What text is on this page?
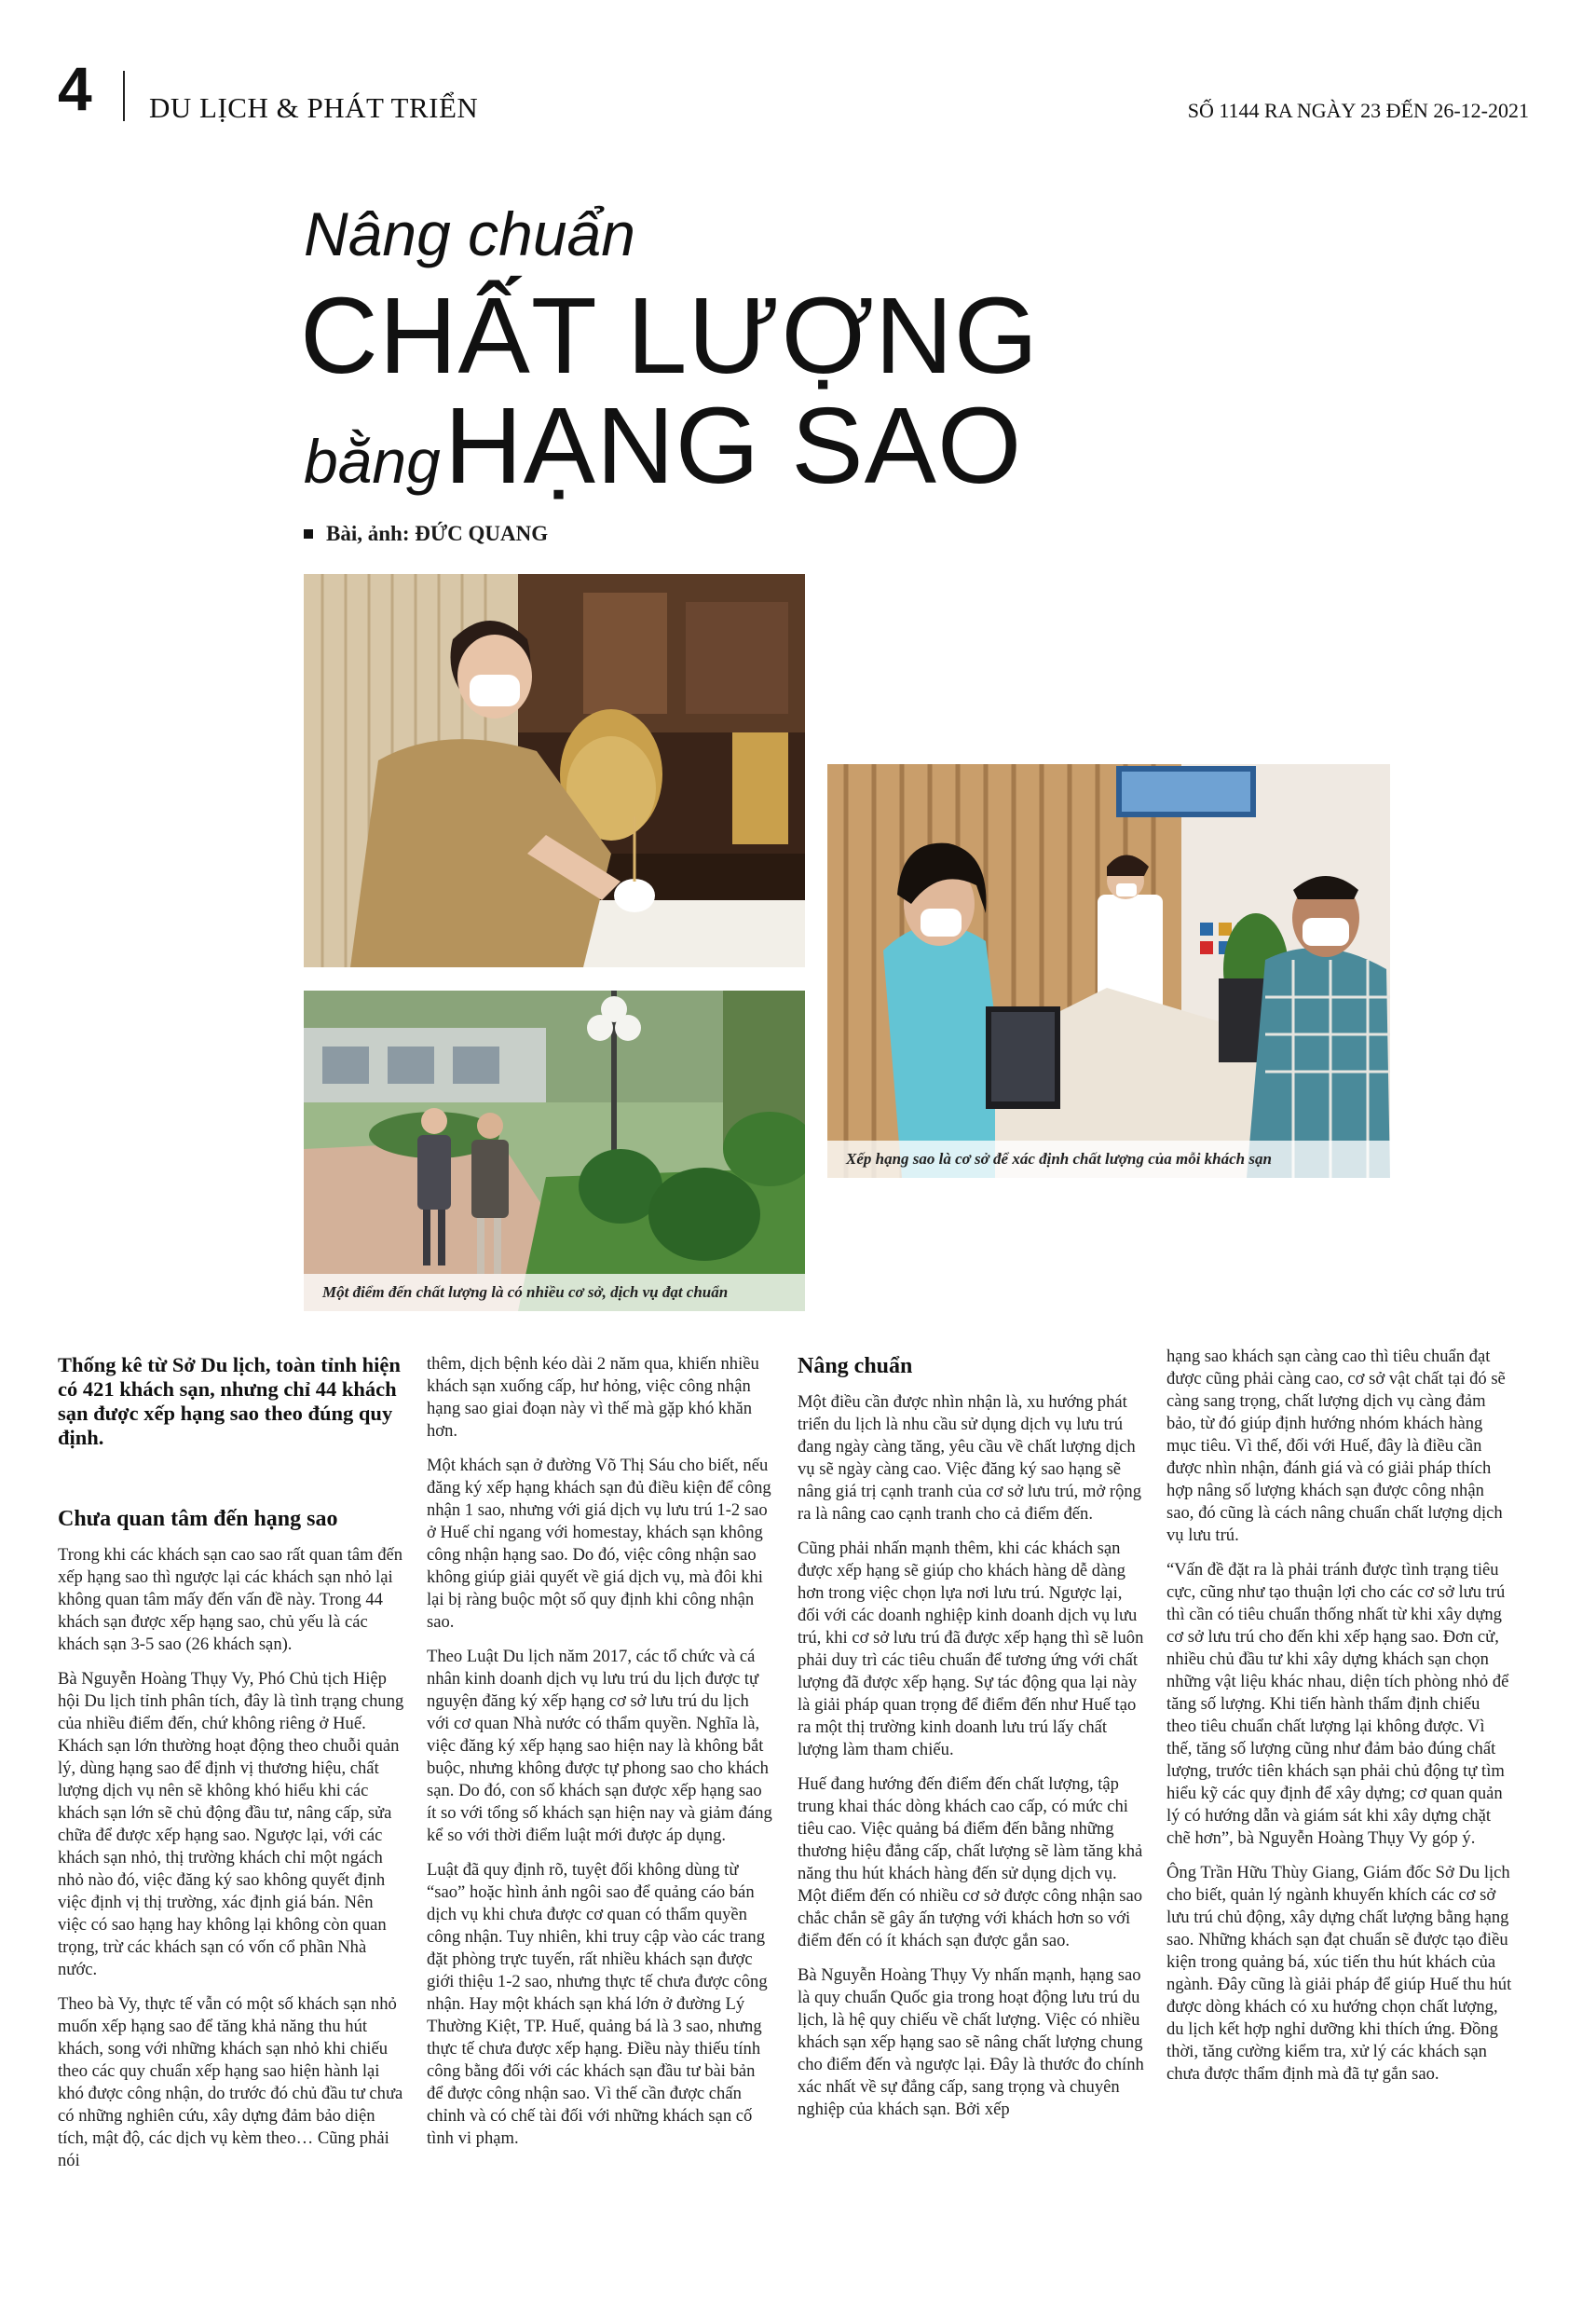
4 DU LỊCH & PHÁT TRIỂN	SỐ 1144 RA NGÀY 23 ĐẾN 26-12-2021
Nâng chuẩn
CHẤT LƯỢNG
bằng HẠNG SAO
Bài, ảnh: ĐỨC QUANG
Một điểm đến chất lượng là có nhiều cơ sở, dịch vụ đạt chuẩn
Xếp hạng sao là cơ sở để xác định chất lượng của mỗi khách sạn

Thống kê từ Sở Du lịch, toàn tỉnh hiện có 421 khách sạn, nhưng chỉ 44 khách sạn được xếp hạng sao theo đúng quy định.

Chưa quan tâm đến hạng sao

Trong khi các khách sạn cao sao rất quan tâm đến xếp hạng sao thì ngược lại các khách sạn nhỏ lại không quan tâm mấy đến vấn đề này. Trong 44 khách sạn được xếp hạng sao, chủ yếu là các khách sạn 3-5 sao (26 khách sạn).

Bà Nguyễn Hoàng Thụy Vy, Phó Chủ tịch Hiệp hội Du lịch tỉnh phân tích, đây là tình trạng chung của nhiều điểm đến, chứ không riêng ở Huế. Khách sạn lớn thường hoạt động theo chuỗi quản lý, dùng hạng sao để định vị thương hiệu, chất lượng dịch vụ nên sẽ không khó hiểu khi các khách sạn lớn sẽ chủ động đầu tư, nâng cấp, sửa chữa để được xếp hạng sao. Ngược lại, với các khách sạn nhỏ, thị trường khách chỉ một ngách nhỏ nào đó, việc đăng ký sao không quyết định việc định vị thị trường, xác định giá bán. Nên việc có sao hạng hay không lại không còn quan trọng, trừ các khách sạn có vốn cổ phần Nhà nước.

Theo bà Vy, thực tế vẫn có một số khách sạn nhỏ muốn xếp hạng sao để tăng khả năng thu hút khách, song với những khách sạn nhỏ khi chiếu theo các quy chuẩn xếp hạng sao hiện hành lại khó được công nhận, do trước đó chủ đầu tư chưa có những nghiên cứu, xây dựng đảm bảo diện tích, mật độ, các dịch vụ kèm theo… Cũng phải nói

thêm, dịch bệnh kéo dài 2 năm qua, khiến nhiều khách sạn xuống cấp, hư hỏng, việc công nhận hạng sao giai đoạn này vì thế mà gặp khó khăn hơn.

Một khách sạn ở đường Võ Thị Sáu cho biết, nếu đăng ký xếp hạng khách sạn đủ điều kiện để công nhận 1 sao, nhưng với giá dịch vụ lưu trú 1-2 sao ở Huế chỉ ngang với homestay, khách sạn không công nhận hạng sao. Do đó, việc công nhận sao không giúp giải quyết về giá dịch vụ, mà đôi khi lại bị ràng buộc một số quy định khi công nhận sao.

Theo Luật Du lịch năm 2017, các tổ chức và cá nhân kinh doanh dịch vụ lưu trú du lịch được tự nguyện đăng ký xếp hạng cơ sở lưu trú du lịch với cơ quan Nhà nước có thẩm quyền. Nghĩa là, việc đăng ký xếp hạng sao hiện nay là không bắt buộc, nhưng không được tự phong sao cho khách sạn. Do đó, con số khách sạn được xếp hạng sao ít so với tổng số khách sạn hiện nay và giảm đáng kể so với thời điểm luật mới được áp dụng.

Luật đã quy định rõ, tuyệt đối không dùng từ “sao” hoặc hình ảnh ngôi sao để quảng cáo bán dịch vụ khi chưa được cơ quan có thẩm quyền công nhận. Tuy nhiên, khi truy cập vào các trang đặt phòng trực tuyến, rất nhiều khách sạn được giới thiệu 1-2 sao, nhưng thực tế chưa được công nhận. Hay một khách sạn khá lớn ở đường Lý Thường Kiệt, TP. Huế, quảng bá là 3 sao, nhưng thực tế chưa được xếp hạng. Điều này thiếu tính công bằng đối với các khách sạn đầu tư bài bản để được công nhận sao. Vì thế cần được chấn chỉnh và có chế tài đối với những khách sạn cố tình vi phạm.

Nâng chuẩn

Một điều cần được nhìn nhận là, xu hướng phát triển du lịch là nhu cầu sử dụng dịch vụ lưu trú đang ngày càng tăng, yêu cầu về chất lượng dịch vụ sẽ ngày càng cao. Việc đăng ký sao hạng sẽ nâng giá trị cạnh tranh của cơ sở lưu trú, mở rộng ra là nâng cao cạnh tranh cho cả điểm đến.

Cũng phải nhấn mạnh thêm, khi các khách sạn được xếp hạng sẽ giúp cho khách hàng dễ dàng hơn trong việc chọn lựa nơi lưu trú. Ngược lại, đối với các doanh nghiệp kinh doanh dịch vụ lưu trú, khi cơ sở lưu trú đã được xếp hạng thì sẽ luôn phải duy trì các tiêu chuẩn để tương ứng với chất lượng đã được xếp hạng. Sự tác động qua lại này là giải pháp quan trọng để điểm đến như Huế tạo ra một thị trường kinh doanh lưu trú lấy chất lượng làm tham chiếu.

Huế đang hướng đến điểm đến chất lượng, tập trung khai thác dòng khách cao cấp, có mức chi tiêu cao. Việc quảng bá điểm đến bằng những thương hiệu đẳng cấp, chất lượng sẽ làm tăng khả năng thu hút khách hàng đến sử dụng dịch vụ. Một điểm đến có nhiều cơ sở được công nhận sao chắc chắn sẽ gây ấn tượng với khách hơn so với điểm đến có ít khách sạn được gắn sao.

Bà Nguyễn Hoàng Thụy Vy nhấn mạnh, hạng sao là quy chuẩn Quốc gia trong hoạt động lưu trú du lịch, là hệ quy chiếu về chất lượng. Việc có nhiều khách sạn xếp hạng sao sẽ nâng chất lượng chung cho điểm đến và ngược lại. Đây là thước đo chính xác nhất về sự đẳng cấp, sang trọng và chuyên nghiệp của khách sạn. Bởi xếp

hạng sao khách sạn càng cao thì tiêu chuẩn đạt được cũng phải càng cao, cơ sở vật chất tại đó sẽ càng sang trọng, chất lượng dịch vụ càng đảm bảo, từ đó giúp định hướng nhóm khách hàng mục tiêu. Vì thế, đối với Huế, đây là điều cần được nhìn nhận, đánh giá và có giải pháp thích hợp nâng số lượng khách sạn được công nhận sao, đó cũng là cách nâng chuẩn chất lượng dịch vụ lưu trú.

“Vấn đề đặt ra là phải tránh được tình trạng tiêu cực, cũng như tạo thuận lợi cho các cơ sở lưu trú thì cần có tiêu chuẩn thống nhất từ khi xây dựng cơ sở lưu trú cho đến khi xếp hạng sao. Đơn cử, nhiều chủ đầu tư khi xây dựng khách sạn chọn những vật liệu khác nhau, diện tích phòng nhỏ để tăng số lượng. Khi tiến hành thẩm định chiếu theo tiêu chuẩn chất lượng lại không được. Vì thế, tăng số lượng cũng như đảm bảo đúng chất lượng, trước tiên khách sạn phải chủ động tự tìm hiểu kỹ các quy định để xây dựng; cơ quan quản lý có hướng dẫn và giám sát khi xây dựng chặt chẽ hơn”, bà Nguyễn Hoàng Thụy Vy góp ý.

Ông Trần Hữu Thùy Giang, Giám đốc Sở Du lịch cho biết, quản lý ngành khuyến khích các cơ sở lưu trú chủ động, xây dựng chất lượng bằng hạng sao. Những khách sạn đạt chuẩn sẽ được tạo điều kiện trong quảng bá, xúc tiến thu hút khách của ngành. Đây cũng là giải pháp để giúp Huế thu hút được dòng khách có xu hướng chọn chất lượng, du lịch kết hợp nghỉ dưỡng khi thích ứng. Đồng thời, tăng cường kiểm tra, xử lý các khách sạn chưa được thẩm định mà đã tự gắn sao.
